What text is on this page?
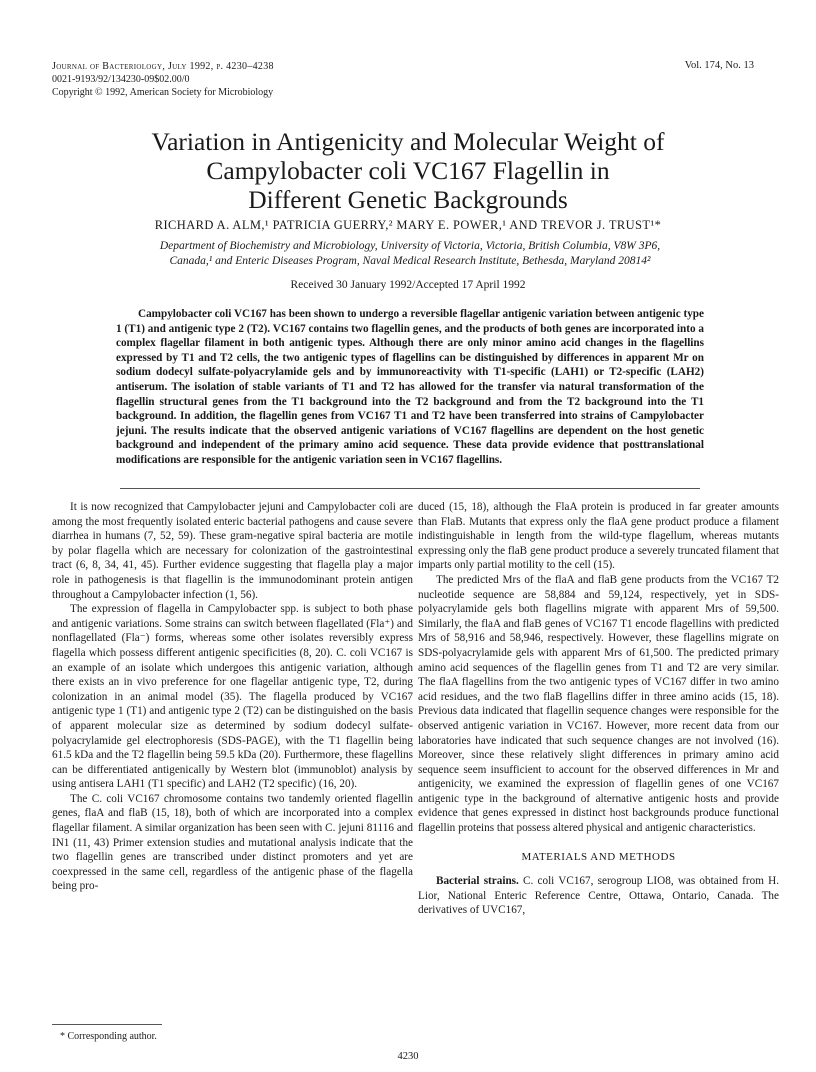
Journal of Bacteriology, July 1992, p. 4230–4238
0021-9193/92/134230-09$02.00/0
Copyright © 1992, American Society for Microbiology
Vol. 174, No. 13
Variation in Antigenicity and Molecular Weight of
Campylobacter coli VC167 Flagellin in
Different Genetic Backgrounds
RICHARD A. ALM,¹ PATRICIA GUERRY,² MARY E. POWER,¹ AND TREVOR J. TRUST¹*
Department of Biochemistry and Microbiology, University of Victoria, Victoria, British Columbia, V8W 3P6,
Canada,¹ and Enteric Diseases Program, Naval Medical Research Institute, Bethesda, Maryland 20814²
Received 30 January 1992/Accepted 17 April 1992

Campylobacter coli VC167 has been shown to undergo a reversible flagellar antigenic variation between antigenic type 1 (T1) and antigenic type 2 (T2). VC167 contains two flagellin genes, and the products of both genes are incorporated into a complex flagellar filament in both antigenic types. Although there are only minor amino acid changes in the flagellins expressed by T1 and T2 cells, the two antigenic types of flagellins can be distinguished by differences in apparent Mr on sodium dodecyl sulfate-polyacrylamide gels and by immunoreactivity with T1-specific (LAH1) or T2-specific (LAH2) antiserum. The isolation of stable variants of T1 and T2 has allowed for the transfer via natural transformation of the flagellin structural genes from the T1 background into the T2 background and from the T2 background into the T1 background. In addition, the flagellin genes from VC167 T1 and T2 have been transferred into strains of Campylobacter jejuni. The results indicate that the observed antigenic variations of VC167 flagellins are dependent on the host genetic background and independent of the primary amino acid sequence. These data provide evidence that posttranslational modifications are responsible for the antigenic variation seen in VC167 flagellins.

It is now recognized that Campylobacter jejuni and Campylobacter coli are among the most frequently isolated enteric bacterial pathogens and cause severe diarrhea in humans (7, 52, 59). These gram-negative spiral bacteria are motile by polar flagella which are necessary for colonization of the gastrointestinal tract (6, 8, 34, 41, 45). Further evidence suggesting that flagella play a major role in pathogenesis is that flagellin is the immunodominant protein antigen throughout a Campylobacter infection (1, 56).

The expression of flagella in Campylobacter spp. is subject to both phase and antigenic variations. Some strains can switch between flagellated (Fla⁺) and nonflagellated (Fla⁻) forms, whereas some other isolates reversibly express flagella which possess different antigenic specificities (8, 20). C. coli VC167 is an example of an isolate which undergoes this antigenic variation, although there exists an in vivo preference for one flagellar antigenic type, T2, during colonization in an animal model (35). The flagella produced by VC167 antigenic type 1 (T1) and antigenic type 2 (T2) can be distinguished on the basis of apparent molecular size as determined by sodium dodecyl sulfate-polyacrylamide gel electrophoresis (SDS-PAGE), with the T1 flagellin being 61.5 kDa and the T2 flagellin being 59.5 kDa (20). Furthermore, these flagellins can be differentiated antigenically by Western blot (immunoblot) analysis by using antisera LAH1 (T1 specific) and LAH2 (T2 specific) (16, 20).

The C. coli VC167 chromosome contains two tandemly oriented flagellin genes, flaA and flaB (15, 18), both of which are incorporated into a complex flagellar filament. A similar organization has been seen with C. jejuni 81116 and IN1 (11, 43) Primer extension studies and mutational analysis indicate that the two flagellin genes are transcribed under distinct promoters and yet are coexpressed in the same cell, regardless of the antigenic phase of the flagella being pro-

duced (15, 18), although the FlaA protein is produced in far greater amounts than FlaB. Mutants that express only the flaA gene product produce a filament indistinguishable in length from the wild-type flagellum, whereas mutants expressing only the flaB gene product produce a severely truncated filament that imparts only partial motility to the cell (15).

The predicted Mrs of the flaA and flaB gene products from the VC167 T2 nucleotide sequence are 58,884 and 59,124, respectively, yet in SDS-polyacrylamide gels both flagellins migrate with apparent Mrs of 59,500. Similarly, the flaA and flaB genes of VC167 T1 encode flagellins with predicted Mrs of 58,916 and 58,946, respectively. However, these flagellins migrate on SDS-polyacrylamide gels with apparent Mrs of 61,500. The predicted primary amino acid sequences of the flagellin genes from T1 and T2 are very similar. The flaA flagellins from the two antigenic types of VC167 differ in two amino acid residues, and the two flaB flagellins differ in three amino acids (15, 18). Previous data indicated that flagellin sequence changes were responsible for the observed antigenic variation in VC167. However, more recent data from our laboratories have indicated that such sequence changes are not involved (16). Moreover, since these relatively slight differences in primary amino acid sequence seem insufficient to account for the observed differences in Mr and antigenicity, we examined the expression of flagellin genes of one VC167 antigenic type in the background of alternative antigenic hosts and provide evidence that genes expressed in distinct host backgrounds produce functional flagellin proteins that possess altered physical and antigenic characteristics.

MATERIALS AND METHODS

Bacterial strains. C. coli VC167, serogroup LIO8, was obtained from H. Lior, National Enteric Reference Centre, Ottawa, Ontario, Canada. The derivatives of UVC167,

* Corresponding author.
4230
